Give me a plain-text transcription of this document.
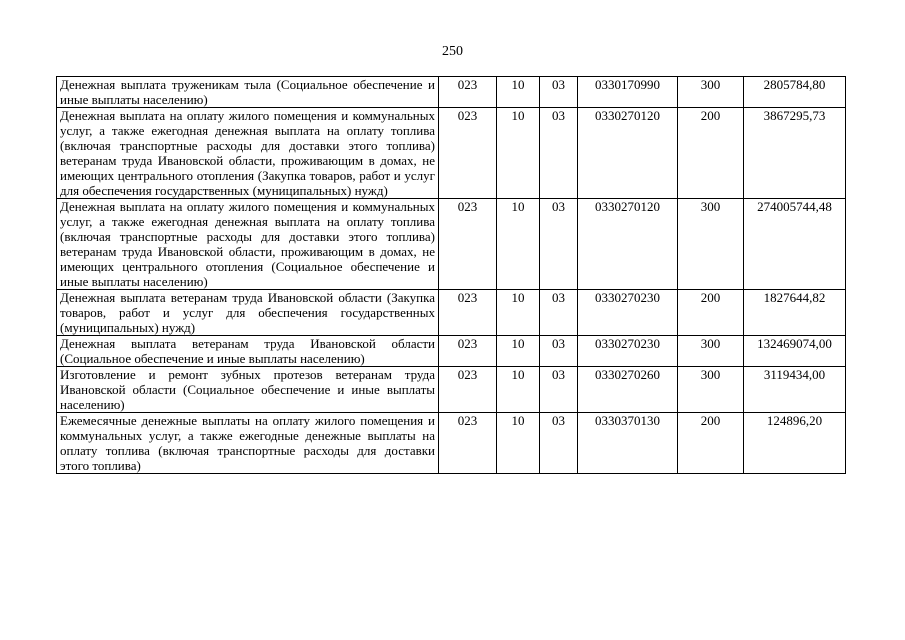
250
Денежная выплата труженикам тыла (Социальное обеспечение и иные выплаты населению)	023	10	03	0330170990	300	2805784,80
Денежная выплата на оплату жилого помещения и коммунальных услуг, а также ежегодная денежная выплата на оплату топлива (включая транспортные расходы для доставки этого топлива) ветеранам труда Ивановской области, проживающим в домах, не имеющих центрального отопления (Закупка товаров, работ и услуг для обеспечения государственных (муниципальных) нужд)	023	10	03	0330270120	200	3867295,73
Денежная выплата на оплату жилого помещения и коммунальных услуг, а также ежегодная денежная выплата на оплату топлива (включая транспортные расходы для доставки этого топлива) ветеранам труда Ивановской области, проживающим в домах, не имеющих центрального отопления (Социальное обеспечение и иные выплаты населению)	023	10	03	0330270120	300	274005744,48
Денежная выплата ветеранам труда Ивановской области (Закупка товаров, работ и услуг для обеспечения государственных (муниципальных) нужд)	023	10	03	0330270230	200	1827644,82
Денежная выплата ветеранам труда Ивановской области (Социальное обеспечение и иные выплаты населению)	023	10	03	0330270230	300	132469074,00
Изготовление и ремонт зубных протезов ветеранам труда Ивановской области (Социальное обеспечение и иные выплаты населению)	023	10	03	0330270260	300	3119434,00
Ежемесячные денежные выплаты на оплату жилого помещения и коммунальных услуг, а также ежегодные денежные выплаты на оплату топлива (включая транспортные расходы для доставки этого топлива)	023	10	03	0330370130	200	124896,20
